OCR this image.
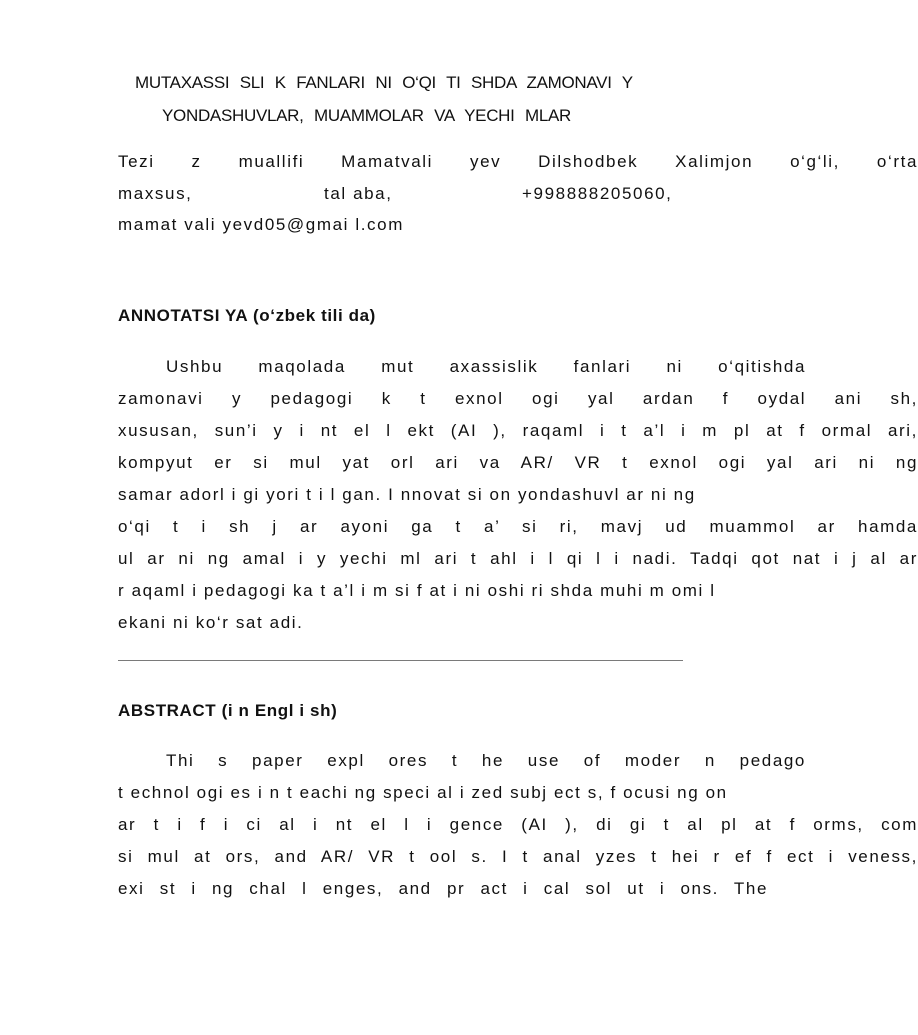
MUTAXASSI SLI K FANLARI NI O‘QI TI SHDA ZAMONAVI Y
YONDASHUVLAR, MUAMMOLAR VA YECHI MLAR
Tezi z muallifi Mamatvali yev Dilshodbek Xalimjon o‘g‘li, o‘rta
maxsus,	tal aba,	+998888205060,
mamat vali yevd05@gmai l.com
ANNOTATSI YA (o‘zbek tili da)
Ushbu maqolada mut axassislik fanlari ni o‘qitishda
zamonavi y pedagogi k t exnol ogi yal ardan f oydal ani sh,
xususan, sun’i y i nt el l ekt (AI ), raqaml i t a’l i m pl at f ormal ari,
kompyut er si mul yat orl ari va AR/ VR t exnol ogi yal ari ni ng
samar adorl i gi yori t i l gan. I nnovat si on yondashuvl ar ni ng
o‘qi t i sh j ar ayoni ga t a’ si ri, mavj ud muammol ar hamda
ul ar ni ng amal i y yechi ml ari t ahl i l qi l i nadi. Tadqi qot nat i j al ar
r aqaml i pedagogi ka t a’l i m si f at i ni oshi ri shda muhi m omi l
ekani ni ko‘r sat adi.
ABSTRACT (i n Engl i sh)
Thi s paper expl ores t he use of moder n pedago
t echnol ogi es i n t eachi ng speci al i zed subj ect s, f ocusi ng on
ar t i f i ci al i nt el l i gence (AI ), di gi t al pl at f orms, com
si mul at ors, and AR/ VR t ool s. I t anal yzes t hei r ef f ect i veness,
exi st i ng chal l enges, and pr act i cal sol ut i ons. The
